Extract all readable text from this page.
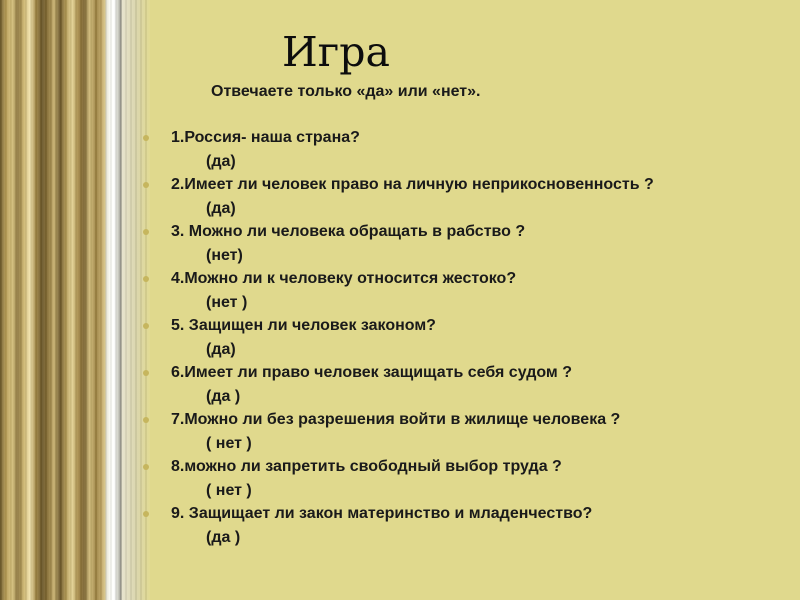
Игра
Отвечаете только «да» или «нет».
1.Россия- наша страна?
(да)
2.Имеет ли человек право на личную неприкосновенность ?
(да)
3. Можно ли человека обращать в рабство ?
(нет)
4.Можно ли к человеку относится жестоко?
(нет )
5. Защищен ли человек законом?
(да)
6.Имеет ли право человек защищать себя судом ?
(да )
7.Можно ли без разрешения войти в жилище человека ?
( нет )
8.можно ли запретить свободный выбор труда ?
( нет )
9. Защищает ли закон материнство и младенчество?
(да )
